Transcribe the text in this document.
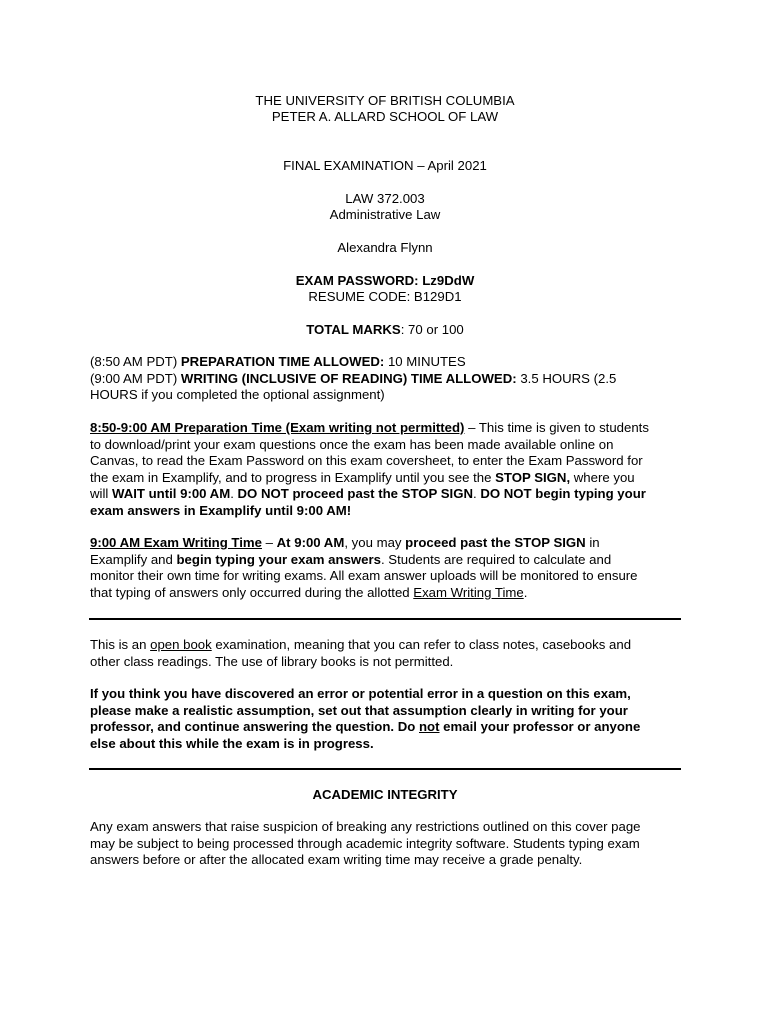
THE UNIVERSITY OF BRITISH COLUMBIA
PETER A. ALLARD SCHOOL OF LAW
FINAL EXAMINATION – April 2021
LAW 372.003
Administrative Law
Alexandra Flynn
EXAM PASSWORD: Lz9DdW
RESUME CODE: B129D1
TOTAL MARKS: 70 or 100
(8:50 AM PDT) PREPARATION TIME ALLOWED: 10 MINUTES
(9:00 AM PDT) WRITING (INCLUSIVE OF READING) TIME ALLOWED: 3.5 HOURS (2.5
HOURS if you completed the optional assignment)
8:50-9:00 AM Preparation Time (Exam writing not permitted) – This time is given to students
to download/print your exam questions once the exam has been made available online on
Canvas, to read the Exam Password on this exam coversheet, to enter the Exam Password for
the exam in Examplify, and to progress in Examplify until you see the STOP SIGN, where you
will WAIT until 9:00 AM. DO NOT proceed past the STOP SIGN. DO NOT begin typing your
exam answers in Examplify until 9:00 AM!
9:00 AM Exam Writing Time – At 9:00 AM, you may proceed past the STOP SIGN in
Examplify and begin typing your exam answers. Students are required to calculate and
monitor their own time for writing exams. All exam answer uploads will be monitored to ensure
that typing of answers only occurred during the allotted Exam Writing Time.
This is an open book examination, meaning that you can refer to class notes, casebooks and
other class readings. The use of library books is not permitted.
If you think you have discovered an error or potential error in a question on this exam,
please make a realistic assumption, set out that assumption clearly in writing for your
professor, and continue answering the question. Do not email your professor or anyone
else about this while the exam is in progress.
ACADEMIC INTEGRITY
Any exam answers that raise suspicion of breaking any restrictions outlined on this cover page
may be subject to being processed through academic integrity software. Students typing exam
answers before or after the allocated exam writing time may receive a grade penalty.
